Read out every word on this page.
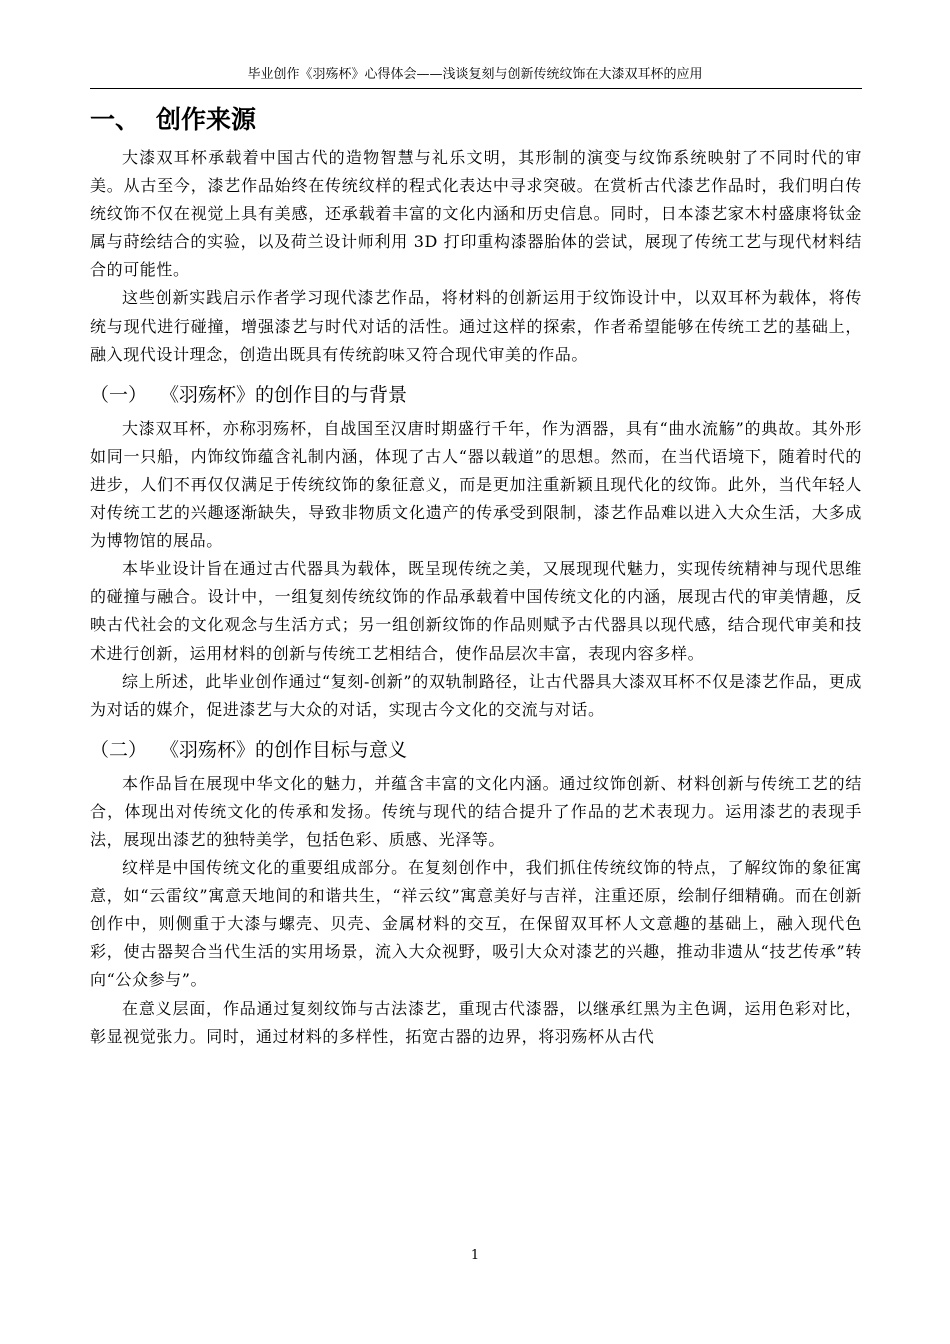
毕业创作《羽殇杯》心得体会——浅谈复刻与创新传统纹饰在大漆双耳杯的应用
一、 创作来源

大漆双耳杯承载着中国古代的造物智慧与礼乐文明，其形制的演变与纹饰系统映射了不同时代的审美。从古至今，漆艺作品始终在传统纹样的程式化表达中寻求突破。在赏析古代漆艺作品时，我们明白传统纹饰不仅在视觉上具有美感，还承载着丰富的文化内涵和历史信息。同时，日本漆艺家木村盛康将钛金属与莳绘结合的实验，以及荷兰设计师利用 3D 打印重构漆器胎体的尝试，展现了传统工艺与现代材料结合的可能性。

这些创新实践启示作者学习现代漆艺作品，将材料的创新运用于纹饰设计中，以双耳杯为载体，将传统与现代进行碰撞，增强漆艺与时代对话的活性。通过这样的探索，作者希望能够在传统工艺的基础上，融入现代设计理念，创造出既具有传统韵味又符合现代审美的作品。

（一） 《羽殇杯》的创作目的与背景

大漆双耳杯，亦称羽殇杯，自战国至汉唐时期盛行千年，作为酒器，具有“曲水流觞”的典故。其外形如同一只船，内饰纹饰蕴含礼制内涵，体现了古人“器以载道”的思想。然而，在当代语境下，随着时代的进步，人们不再仅仅满足于传统纹饰的象征意义，而是更加注重新颖且现代化的纹饰。此外，当代年轻人对传统工艺的兴趣逐渐缺失，导致非物质文化遗产的传承受到限制，漆艺作品难以进入大众生活，大多成为博物馆的展品。

本毕业设计旨在通过古代器具为载体，既呈现传统之美，又展现现代魅力，实现传统精神与现代思维的碰撞与融合。设计中，一组复刻传统纹饰的作品承载着中国传统文化的内涵，展现古代的审美情趣，反映古代社会的文化观念与生活方式；另一组创新纹饰的作品则赋予古代器具以现代感，结合现代审美和技术进行创新，运用材料的创新与传统工艺相结合，使作品层次丰富，表现内容多样。

综上所述，此毕业创作通过“复刻-创新”的双轨制路径，让古代器具大漆双耳杯不仅是漆艺作品，更成为对话的媒介，促进漆艺与大众的对话，实现古今文化的交流与对话。

（二） 《羽殇杯》的创作目标与意义

本作品旨在展现中华文化的魅力，并蕴含丰富的文化内涵。通过纹饰创新、材料创新与传统工艺的结合，体现出对传统文化的传承和发扬。传统与现代的结合提升了作品的艺术表现力。运用漆艺的表现手法，展现出漆艺的独特美学，包括色彩、质感、光泽等。

纹样是中国传统文化的重要组成部分。在复刻创作中，我们抓住传统纹饰的特点，了解纹饰的象征寓意，如“云雷纹”寓意天地间的和谐共生，“祥云纹”寓意美好与吉祥，注重还原，绘制仔细精确。而在创新创作中，则侧重于大漆与螺壳、贝壳、金属材料的交互，在保留双耳杯人文意趣的基础上，融入现代色彩，使古器契合当代生活的实用场景，流入大众视野，吸引大众对漆艺的兴趣，推动非遗从“技艺传承”转向“公众参与”。

在意义层面，作品通过复刻纹饰与古法漆艺，重现古代漆器，以继承红黑为主色调，运用色彩对比，彰显视觉张力。同时，通过材料的多样性，拓宽古器的边界，将羽殇杯从古代

1
